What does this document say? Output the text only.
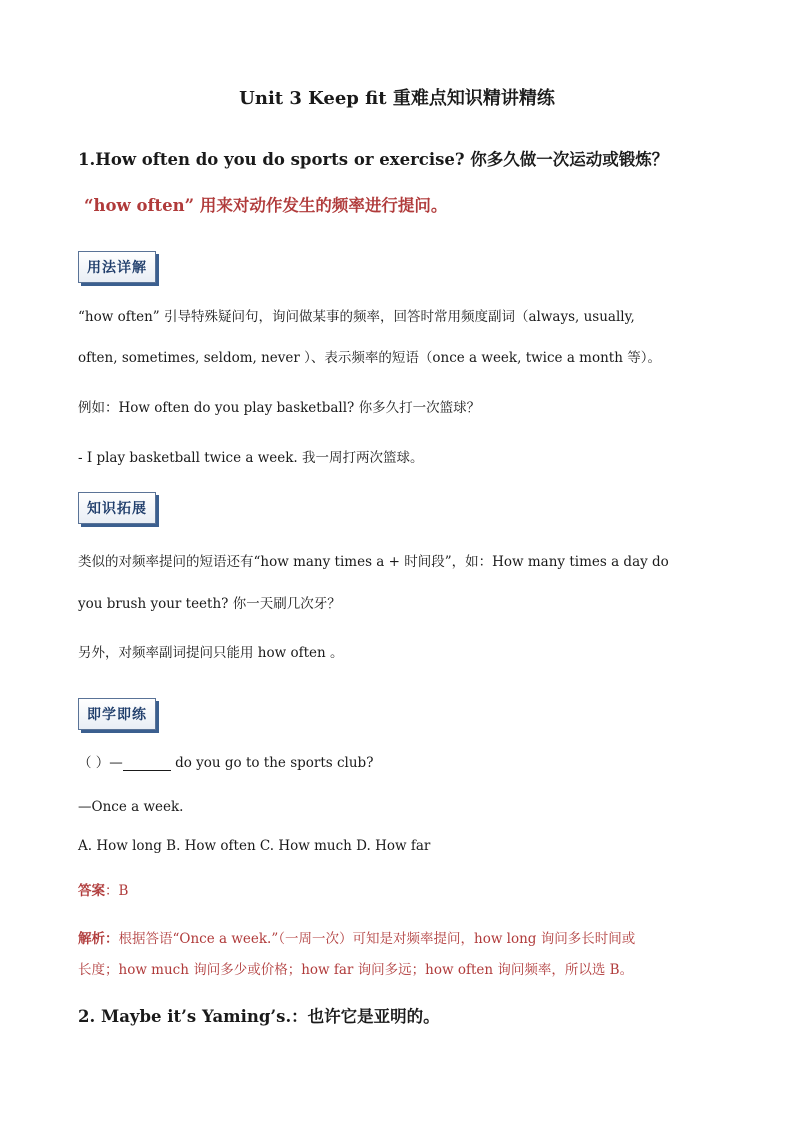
Unit 3 Keep fit 重难点知识精讲精练
1.How often do you do sports or exercise? 你多久做一次运动或锻炼？
“how often” 用来对动作发生的频率进行提问。
用法详解
“how often” 引导特殊疑问句，询问做某事的频率，回答时常用频度副词（always, usually,
often, sometimes, seldom, never ）、表示频率的短语（once a week, twice a month 等）。
例如：How often do you play basketball? 你多久打一次篮球？
- I play basketball twice a week. 我一周打两次篮球。
知识拓展
类似的对频率提问的短语还有“how many times a + 时间段”，如：How many times a day do
you brush your teeth? 你一天刷几次牙？
另外，对频率副词提问只能用 how often 。
即学即练
（ ）—	do you go to the sports club?
—Once a week.
A. How long B. How often C. How much D. How far
答案：B
解析：根据答语“Once a week.”（一周一次）可知是对频率提问，how long 询问多长时间或
长度；how much 询问多少或价格；how far 询问多远；how often 询问频率，所以选 B。
2. Maybe it’s Yaming’s.：也许它是亚明的。
